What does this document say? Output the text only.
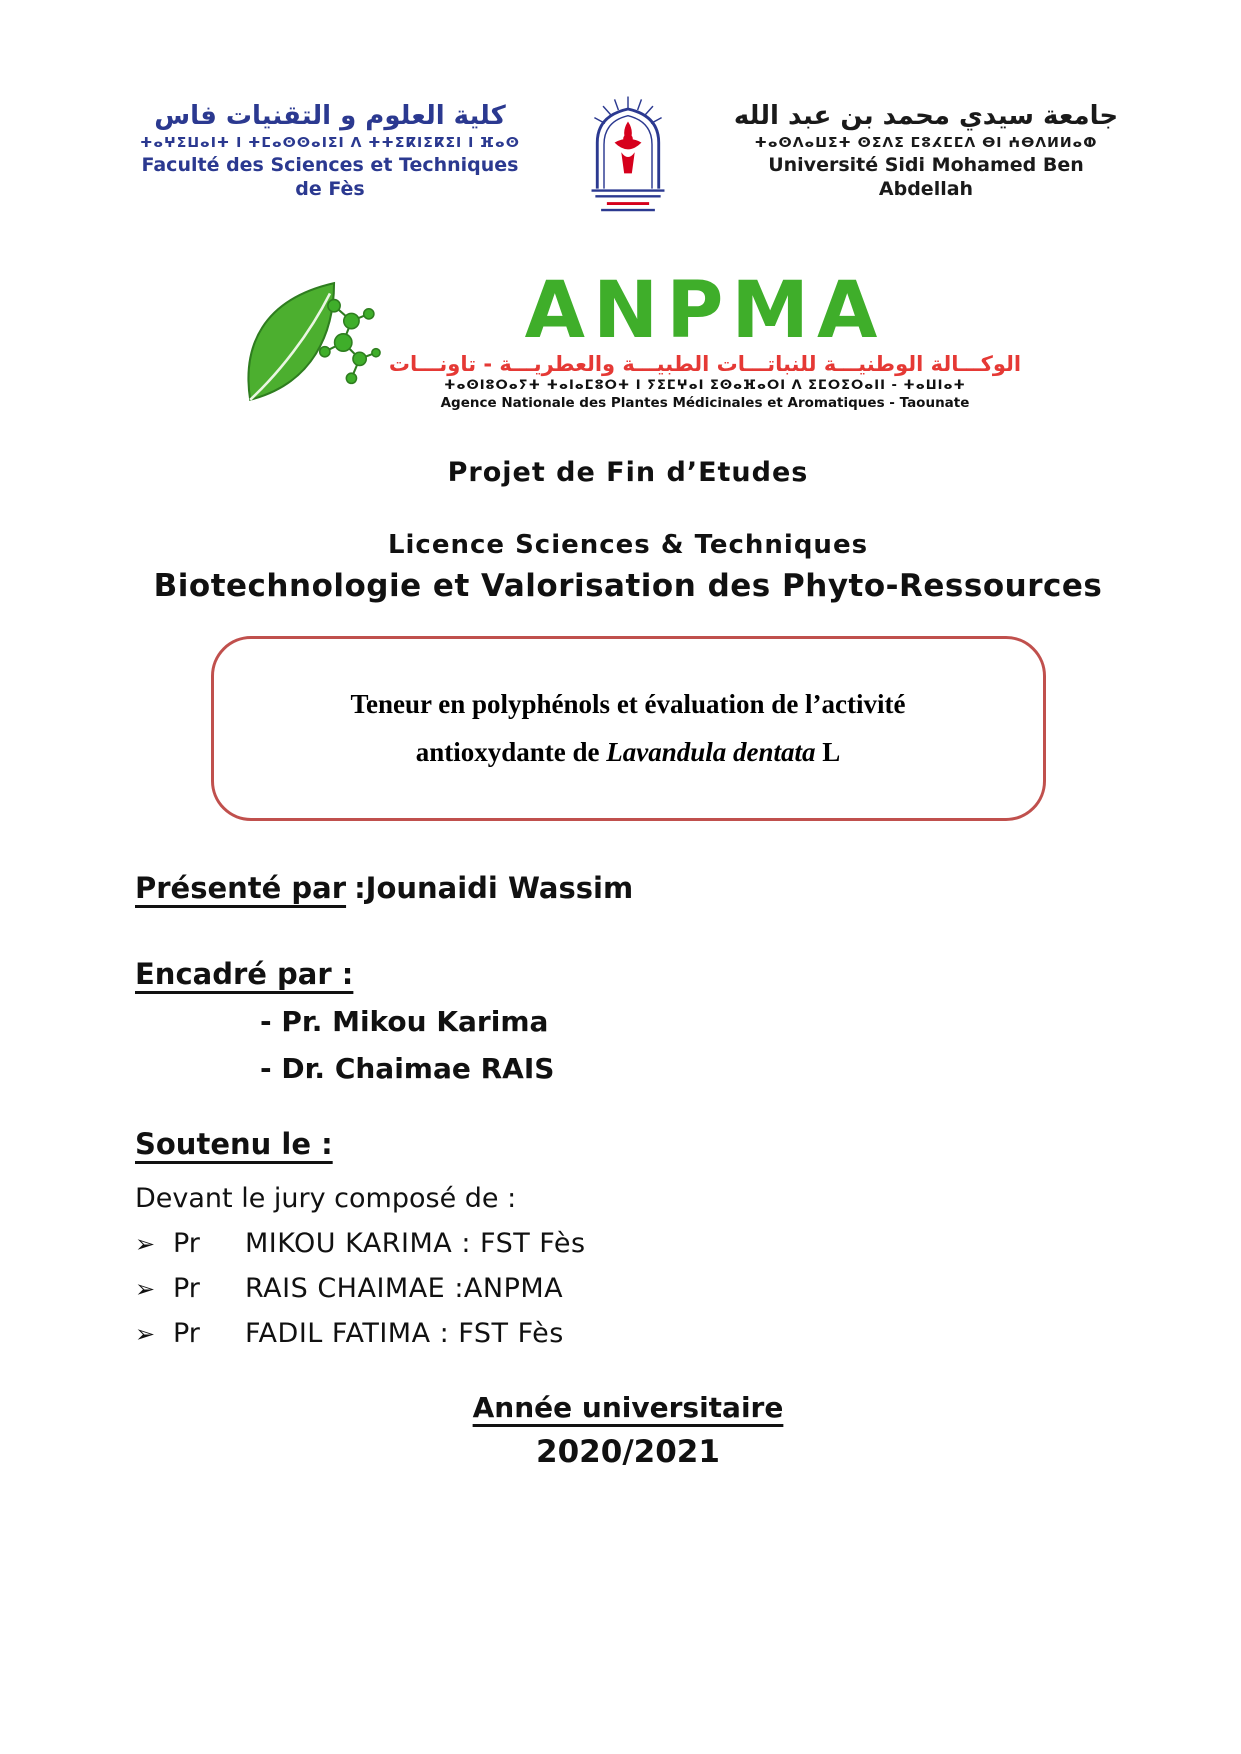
كلية العلوم و التقنيات فاس
ⵜⴰⵖⵉⵡⴰⵏⵜ ⵏ ⵜⵎⴰⵙⵙⴰⵏⵉⵏ ⴷ ⵜⵜⵉⴽⵏⵉⴽⵉⵏ ⵏ ⴼⴰⵙ
Faculté des Sciences et Techniques de Fès
جامعة سيدي محمد بن عبد الله
ⵜⴰⵙⴷⴰⵡⵉⵜ ⵙⵉⴷⵉ ⵎⵓⵃⵎⵎⴷ ⴱⵏ ⵄⴱⴷⵍⵍⴰⵀ
Université Sidi Mohamed Ben Abdellah
ANPMA
الوكـــالة الوطنيـــة للنباتـــات الطبيـــة والعطريـــة - تاونـــات
ⵜⴰⵙⵏⵓⵔⴰⵢⵜ ⵜⴰⵏⴰⵎⵓⵔⵜ ⵏ ⵢⵉⵎⵖⴰⵏ ⵉⵙⴰⴼⴰⵔⵏ ⴷ ⵉⵎⵔⵉⵔⴰⵏⵏ - ⵜⴰⵡⵏⴰⵜ
Agence Nationale des Plantes Médicinales et Aromatiques - Taounate
Projet de Fin d’Etudes
Licence Sciences & Techniques
Biotechnologie et Valorisation des Phyto-Ressources
Teneur en polyphénols et évaluation de l’activité
antioxydante de Lavandula dentata L
Présenté par :Jounaidi Wassim
Encadré par :
- Pr. Mikou Karima
- Dr. Chaimae RAIS
Soutenu le :
Devant le jury composé de :
➢ Pr	MIKOU KARIMA : FST Fès
➢ Pr	RAIS CHAIMAE :ANPMA
➢ Pr	FADIL FATIMA : FST Fès
Année universitaire
2020/2021
